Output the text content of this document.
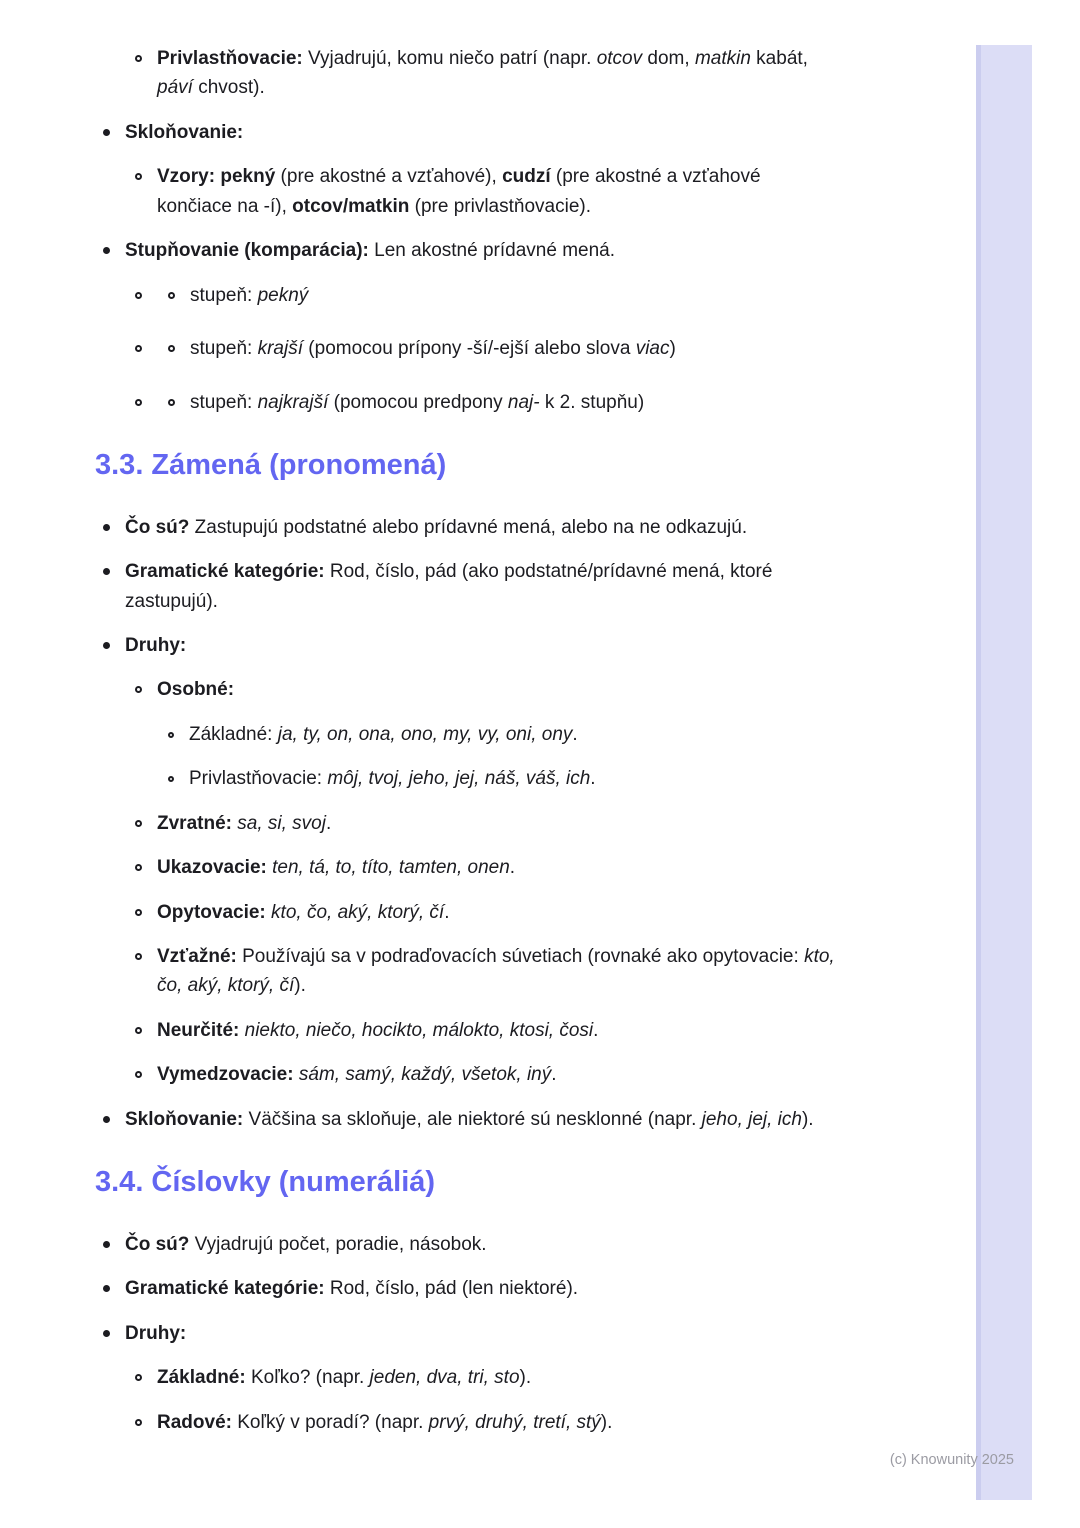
Privlastňovacie: Vyjadrujú, komu niečo patrí (napr. otcov dom, matkin kabát, páví chvost).
Skloňovanie:
Vzory: pekný (pre akostné a vzťahové), cudzí (pre akostné a vzťahové končiace na -í), otcov/matkin (pre privlastňovacie).
Stupňovanie (komparácia): Len akostné prídavné mená.
stupeň: pekný
stupeň: krajší (pomocou prípony -ší/-ejší alebo slova viac)
stupeň: najkrajší (pomocou predpony naj- k 2. stupňu)
3.3. Zámená (pronomená)
Čo sú? Zastupujú podstatné alebo prídavné mená, alebo na ne odkazujú.
Gramatické kategórie: Rod, číslo, pád (ako podstatné/prídavné mená, ktoré zastupujú).
Druhy:
Osobné:
Základné: ja, ty, on, ona, ono, my, vy, oni, ony.
Privlastňovacie: môj, tvoj, jeho, jej, náš, váš, ich.
Zvratné: sa, si, svoj.
Ukazovacie: ten, tá, to, títo, tamten, onen.
Opytovacie: kto, čo, aký, ktorý, čí.
Vzťažné: Používajú sa v podraďovacích súvetiach (rovnaké ako opytovacie: kto, čo, aký, ktorý, čí).
Neurčité: niekto, niečo, hocikto, málokto, ktosi, čosi.
Vymedzovacie: sám, samý, každý, všetok, iný.
Skloňovanie: Väčšina sa skloňuje, ale niektoré sú nesklonné (napr. jeho, jej, ich).
3.4. Číslovky (numeráliá)
Čo sú? Vyjadrujú počet, poradie, násobok.
Gramatické kategórie: Rod, číslo, pád (len niektoré).
Druhy:
Základné: Koľko? (napr. jeden, dva, tri, sto).
Radové: Koľký v poradí? (napr. prvý, druhý, tretí, stý).
(c) Knowunity 2025
